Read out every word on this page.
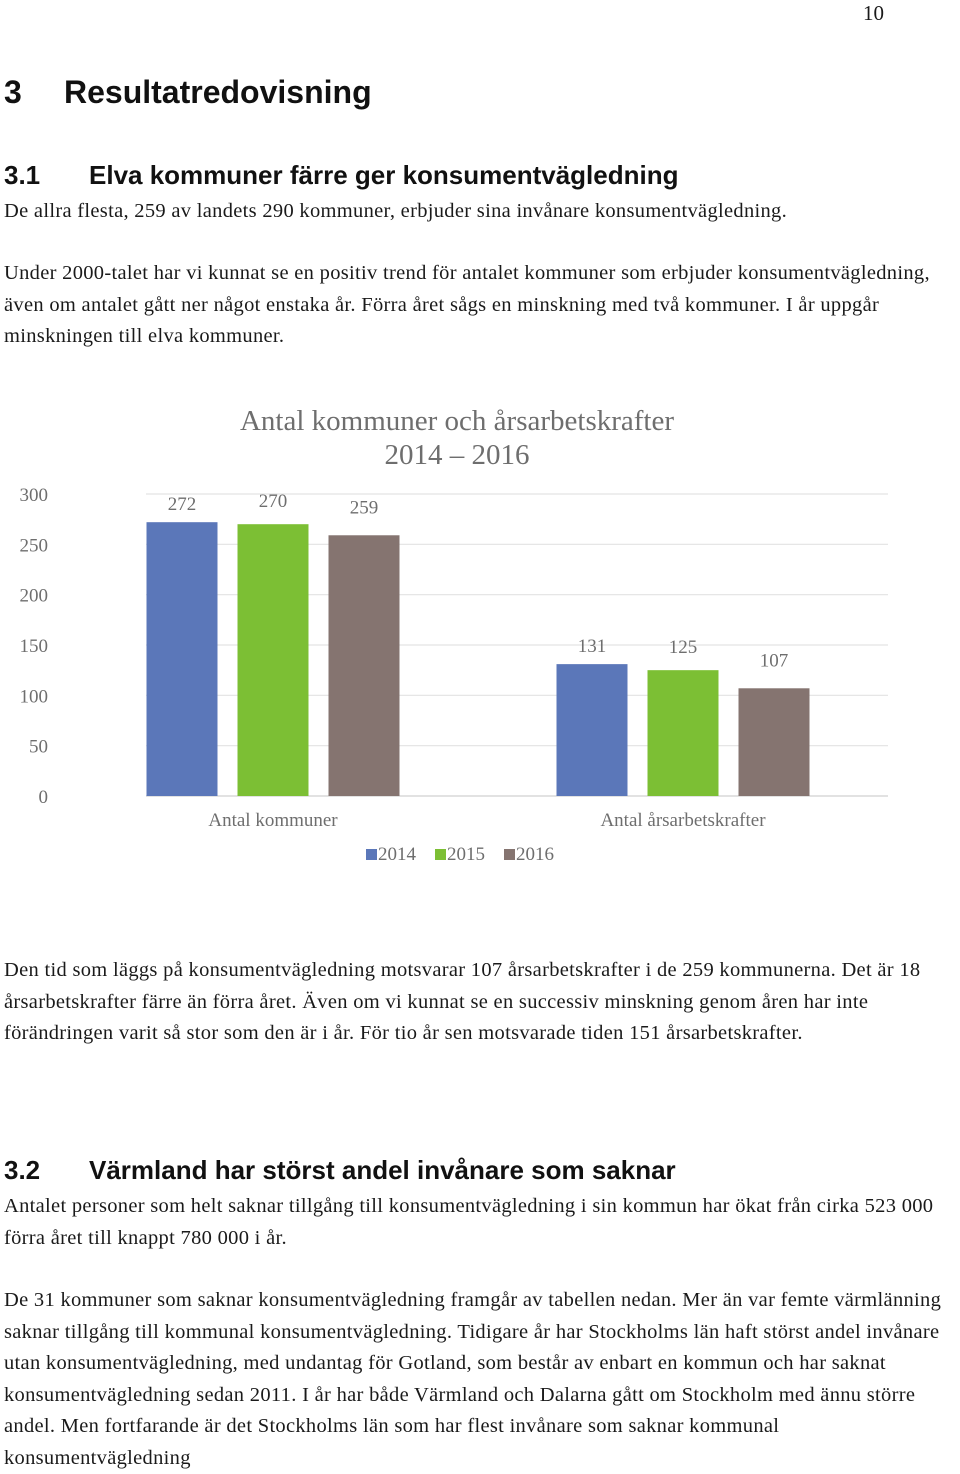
10
3 Resultatredovisning
3.1 Elva kommuner färre ger konsumentvägledning

De allra flesta, 259 av landets 290 kommuner, erbjuder sina invånare konsumentvägledning.

Under 2000-talet har vi kunnat se en positiv trend för antalet kommuner som erbjuder konsumentvägledning, även om antalet gått ner något enstaka år. Förra året sågs en minskning med två kommuner. I år uppgår minskningen till elva kommuner.

Antal kommuner och årsarbetskrafter
2014 – 2016
0
50
100
150
200
250
300	272	270	259
131	125
107
Antal kommuner	Antal årsarbetskrafter
2014 2015 2016

Den tid som läggs på konsumentvägledning motsvarar 107 årsarbetskrafter i de 259 kommunerna. Det är 18 årsarbetskrafter färre än förra året. Även om vi kunnat se en successiv minskning genom åren har inte förändringen varit så stor som den är i år. För tio år sen motsvarade tiden 151 årsarbetskrafter.

3.2 Värmland har störst andel invånare som saknar

Antalet personer som helt saknar tillgång till konsumentvägledning i sin kommun har ökat från cirka 523 000 förra året till knappt 780 000 i år.

De 31 kommuner som saknar konsumentvägledning framgår av tabellen nedan. Mer än var femte värmlänning saknar tillgång till kommunal konsumentvägledning. Tidigare år har Stockholms län haft störst andel invånare utan konsumentvägledning, med undantag för Gotland, som består av enbart en kommun och har saknat konsumentvägledning sedan 2011. I år har både Värmland och Dalarna gått om Stockholm med ännu större andel. Men fortfarande är det Stockholms län som har flest invånare som saknar kommunal konsumentvägledning
